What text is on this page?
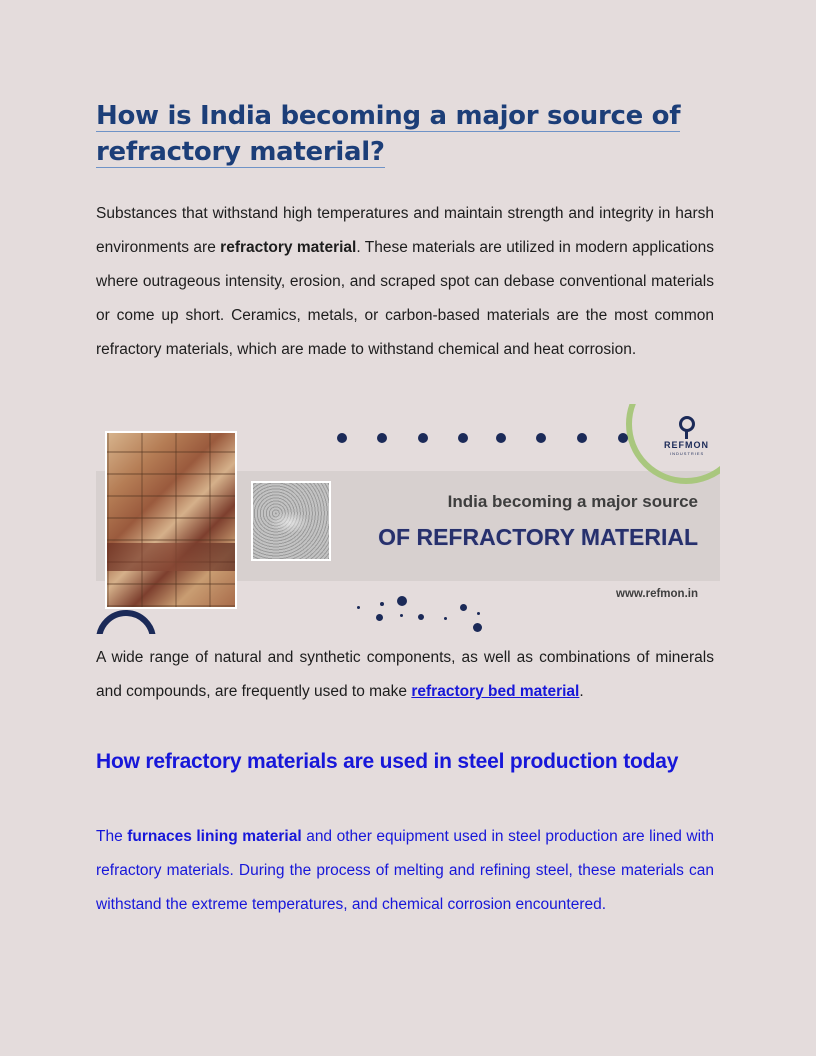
How is India becoming a major source of refractory material?

Substances that withstand high temperatures and maintain strength and integrity in harsh environments are refractory material. These materials are utilized in modern applications where outrageous intensity, erosion, and scraped spot can debase conventional materials or come up short. Ceramics, metals, or carbon-based materials are the most common refractory materials, which are made to withstand chemical and heat corrosion.

REFMON
INDUSTRIES
India becoming a major source
OF REFRACTORY MATERIAL
www.refmon.in

A wide range of natural and synthetic components, as well as combinations of minerals and compounds, are frequently used to make refractory bed material.

How refractory materials are used in steel production today

The furnaces lining material and other equipment used in steel production are lined with refractory materials. During the process of melting and refining steel, these materials can withstand the extreme temperatures, and chemical corrosion encountered.
